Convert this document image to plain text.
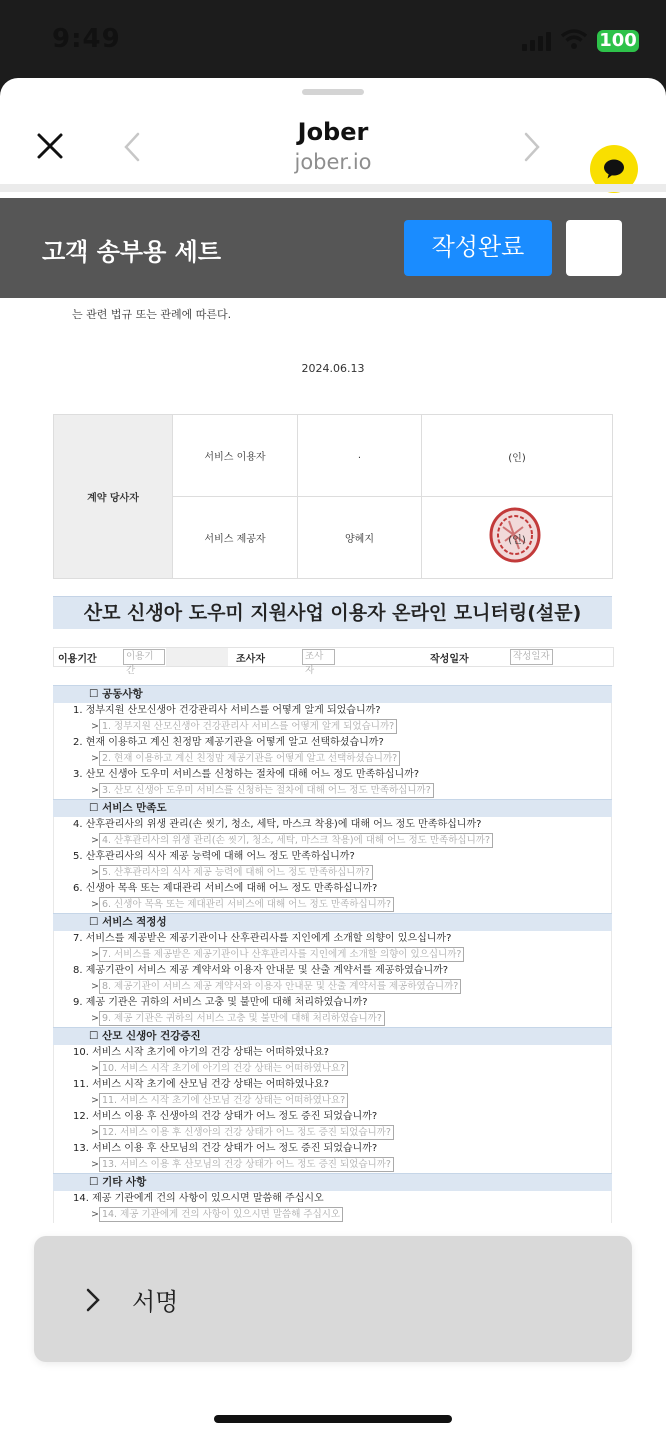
9:49	100
Jober
jober.io
고객 송부용 세트	작성완료
는 관련 법규 또는 관례에 따른다.
2024.06.13
계약 당사자	서비스 이용자	.	(인)

	서비스 제공자	양혜지	(인)
산모 신생아 도우미 지원사업 이용자 온라인 모니터링(설문)
이용기간	이용기간
조사자	조사자
작성일자	작성일자
☐ 공동사항
1. 정부지원 산모신생아 건강관리사 서비스를 어떻게 알게 되었습니까?
> 1. 정부지원 산모신생아 건강관리사 서비스를 어떻게 알게 되었습니까?
2. 현재 이용하고 계신 친정맘 제공기관을 어떻게 알고 선택하셨습니까?
> 2. 현재 이용하고 계신 친정맘 제공기관을 어떻게 알고 선택하셨습니까?
3. 산모 신생아 도우미 서비스를 신청하는 절차에 대해 어느 정도 만족하십니까?
> 3. 산모 신생아 도우미 서비스를 신청하는 절차에 대해 어느 정도 만족하십니까?
☐ 서비스 만족도
4. 산후관리사의 위생 관리(손 씻기, 청소, 세탁, 마스크 착용)에 대해 어느 정도 만족하십니까?
> 4. 산후관리사의 위생 관리(손 씻기, 청소, 세탁, 마스크 착용)에 대해 어느 정도 만족하십니까?
5. 산후관리사의 식사 제공 능력에 대해 어느 정도 만족하십니까?
> 5. 산후관리사의 식사 제공 능력에 대해 어느 정도 만족하십니까?
6. 신생아 목욕 또는 제대관리 서비스에 대해 어느 정도 만족하십니까?
> 6. 신생아 목욕 또는 제대관리 서비스에 대해 어느 정도 만족하십니까?
☐ 서비스 적정성
7. 서비스를 제공받은 제공기관이나 산후관리사를 지인에게 소개할 의향이 있으십니까?
> 7. 서비스를 제공받은 제공기관이나 산후관리사를 지인에게 소개할 의향이 있으십니까?
8. 제공기관이 서비스 제공 계약서와 이용자 안내문 및 산출 계약서를 제공하였습니까?
> 8. 제공기관이 서비스 제공 계약서와 이용자 안내문 및 산출 계약서를 제공하였습니까?
9. 제공 기관은 귀하의 서비스 고충 및 불만에 대해 처리하였습니까?
> 9. 제공 기관은 귀하의 서비스 고충 및 불만에 대해 처리하였습니까?
☐ 산모 신생아 건강증진
10. 서비스 시작 초기에 아기의 건강 상태는 어떠하였나요?
> 10. 서비스 시작 초기에 아기의 건강 상태는 어떠하였나요?
11. 서비스 시작 초기에 산모님 건강 상태는 어떠하였나요?
> 11. 서비스 시작 초기에 산모님 건강 상태는 어떠하였나요?
12. 서비스 이용 후 신생아의 건강 상태가 어느 정도 증진 되었습니까?
> 12. 서비스 이용 후 신생아의 건강 상태가 어느 정도 증진 되었습니까?
13. 서비스 이용 후 산모님의 건강 상태가 어느 정도 증진 되었습니까?
> 13. 서비스 이용 후 산모님의 건강 상태가 어느 정도 증진 되었습니까?
☐ 기타 사항
14. 제공 기관에게 건의 사항이 있으시면 말씀해 주십시오
> 14. 제공 기관에게 건의 사항이 있으시면 말씀해 주십시오
서명
